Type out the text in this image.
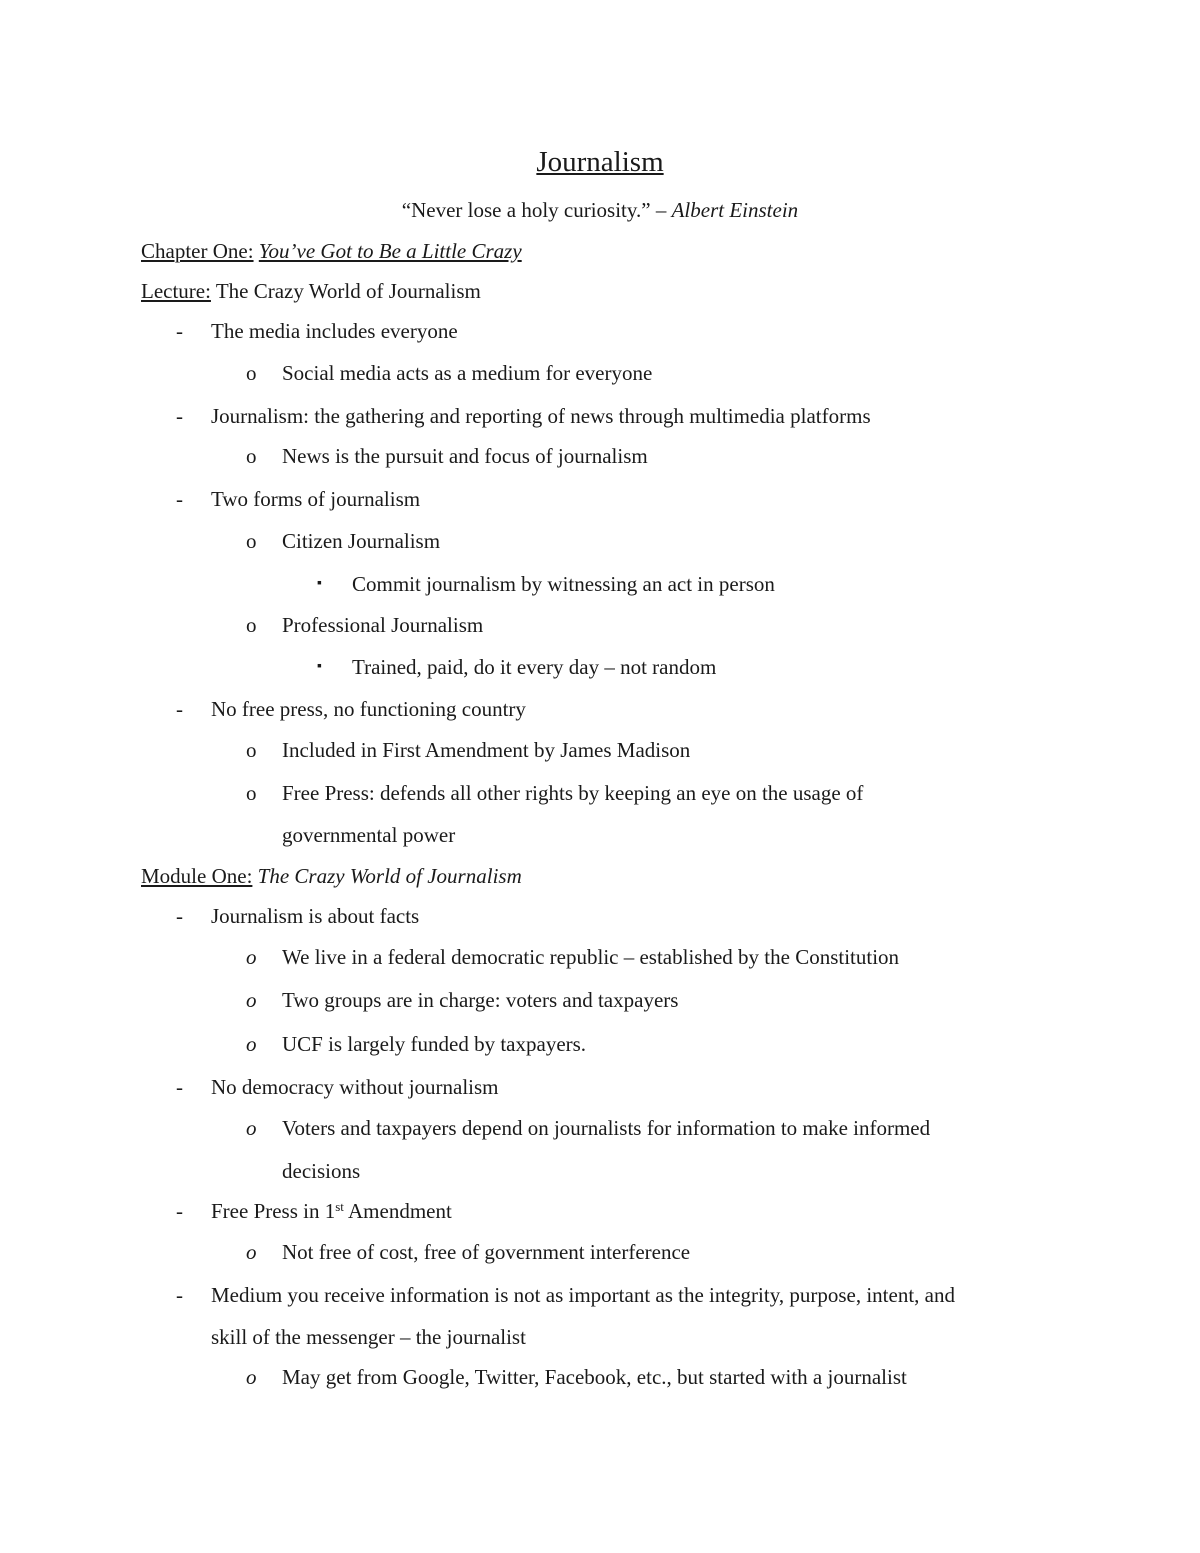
Journalism
“Never lose a holy curiosity.” – Albert Einstein
Chapter One: You’ve Got to Be a Little Crazy
Lecture: The Crazy World of Journalism
- The media includes everyone
o Social media acts as a medium for everyone
- Journalism: the gathering and reporting of news through multimedia platforms
o News is the pursuit and focus of journalism
- Two forms of journalism
o Citizen Journalism
▪ Commit journalism by witnessing an act in person
o Professional Journalism
▪ Trained, paid, do it every day – not random
- No free press, no functioning country
o Included in First Amendment by James Madison
o Free Press: defends all other rights by keeping an eye on the usage of
governmental power
Module One: The Crazy World of Journalism
- Journalism is about facts
o We live in a federal democratic republic – established by the Constitution
o Two groups are in charge: voters and taxpayers
o UCF is largely funded by taxpayers.
- No democracy without journalism
o Voters and taxpayers depend on journalists for information to make informed
decisions
- Free Press in 1st Amendment
o Not free of cost, free of government interference
- Medium you receive information is not as important as the integrity, purpose, intent, and
skill of the messenger – the journalist
o May get from Google, Twitter, Facebook, etc., but started with a journalist
